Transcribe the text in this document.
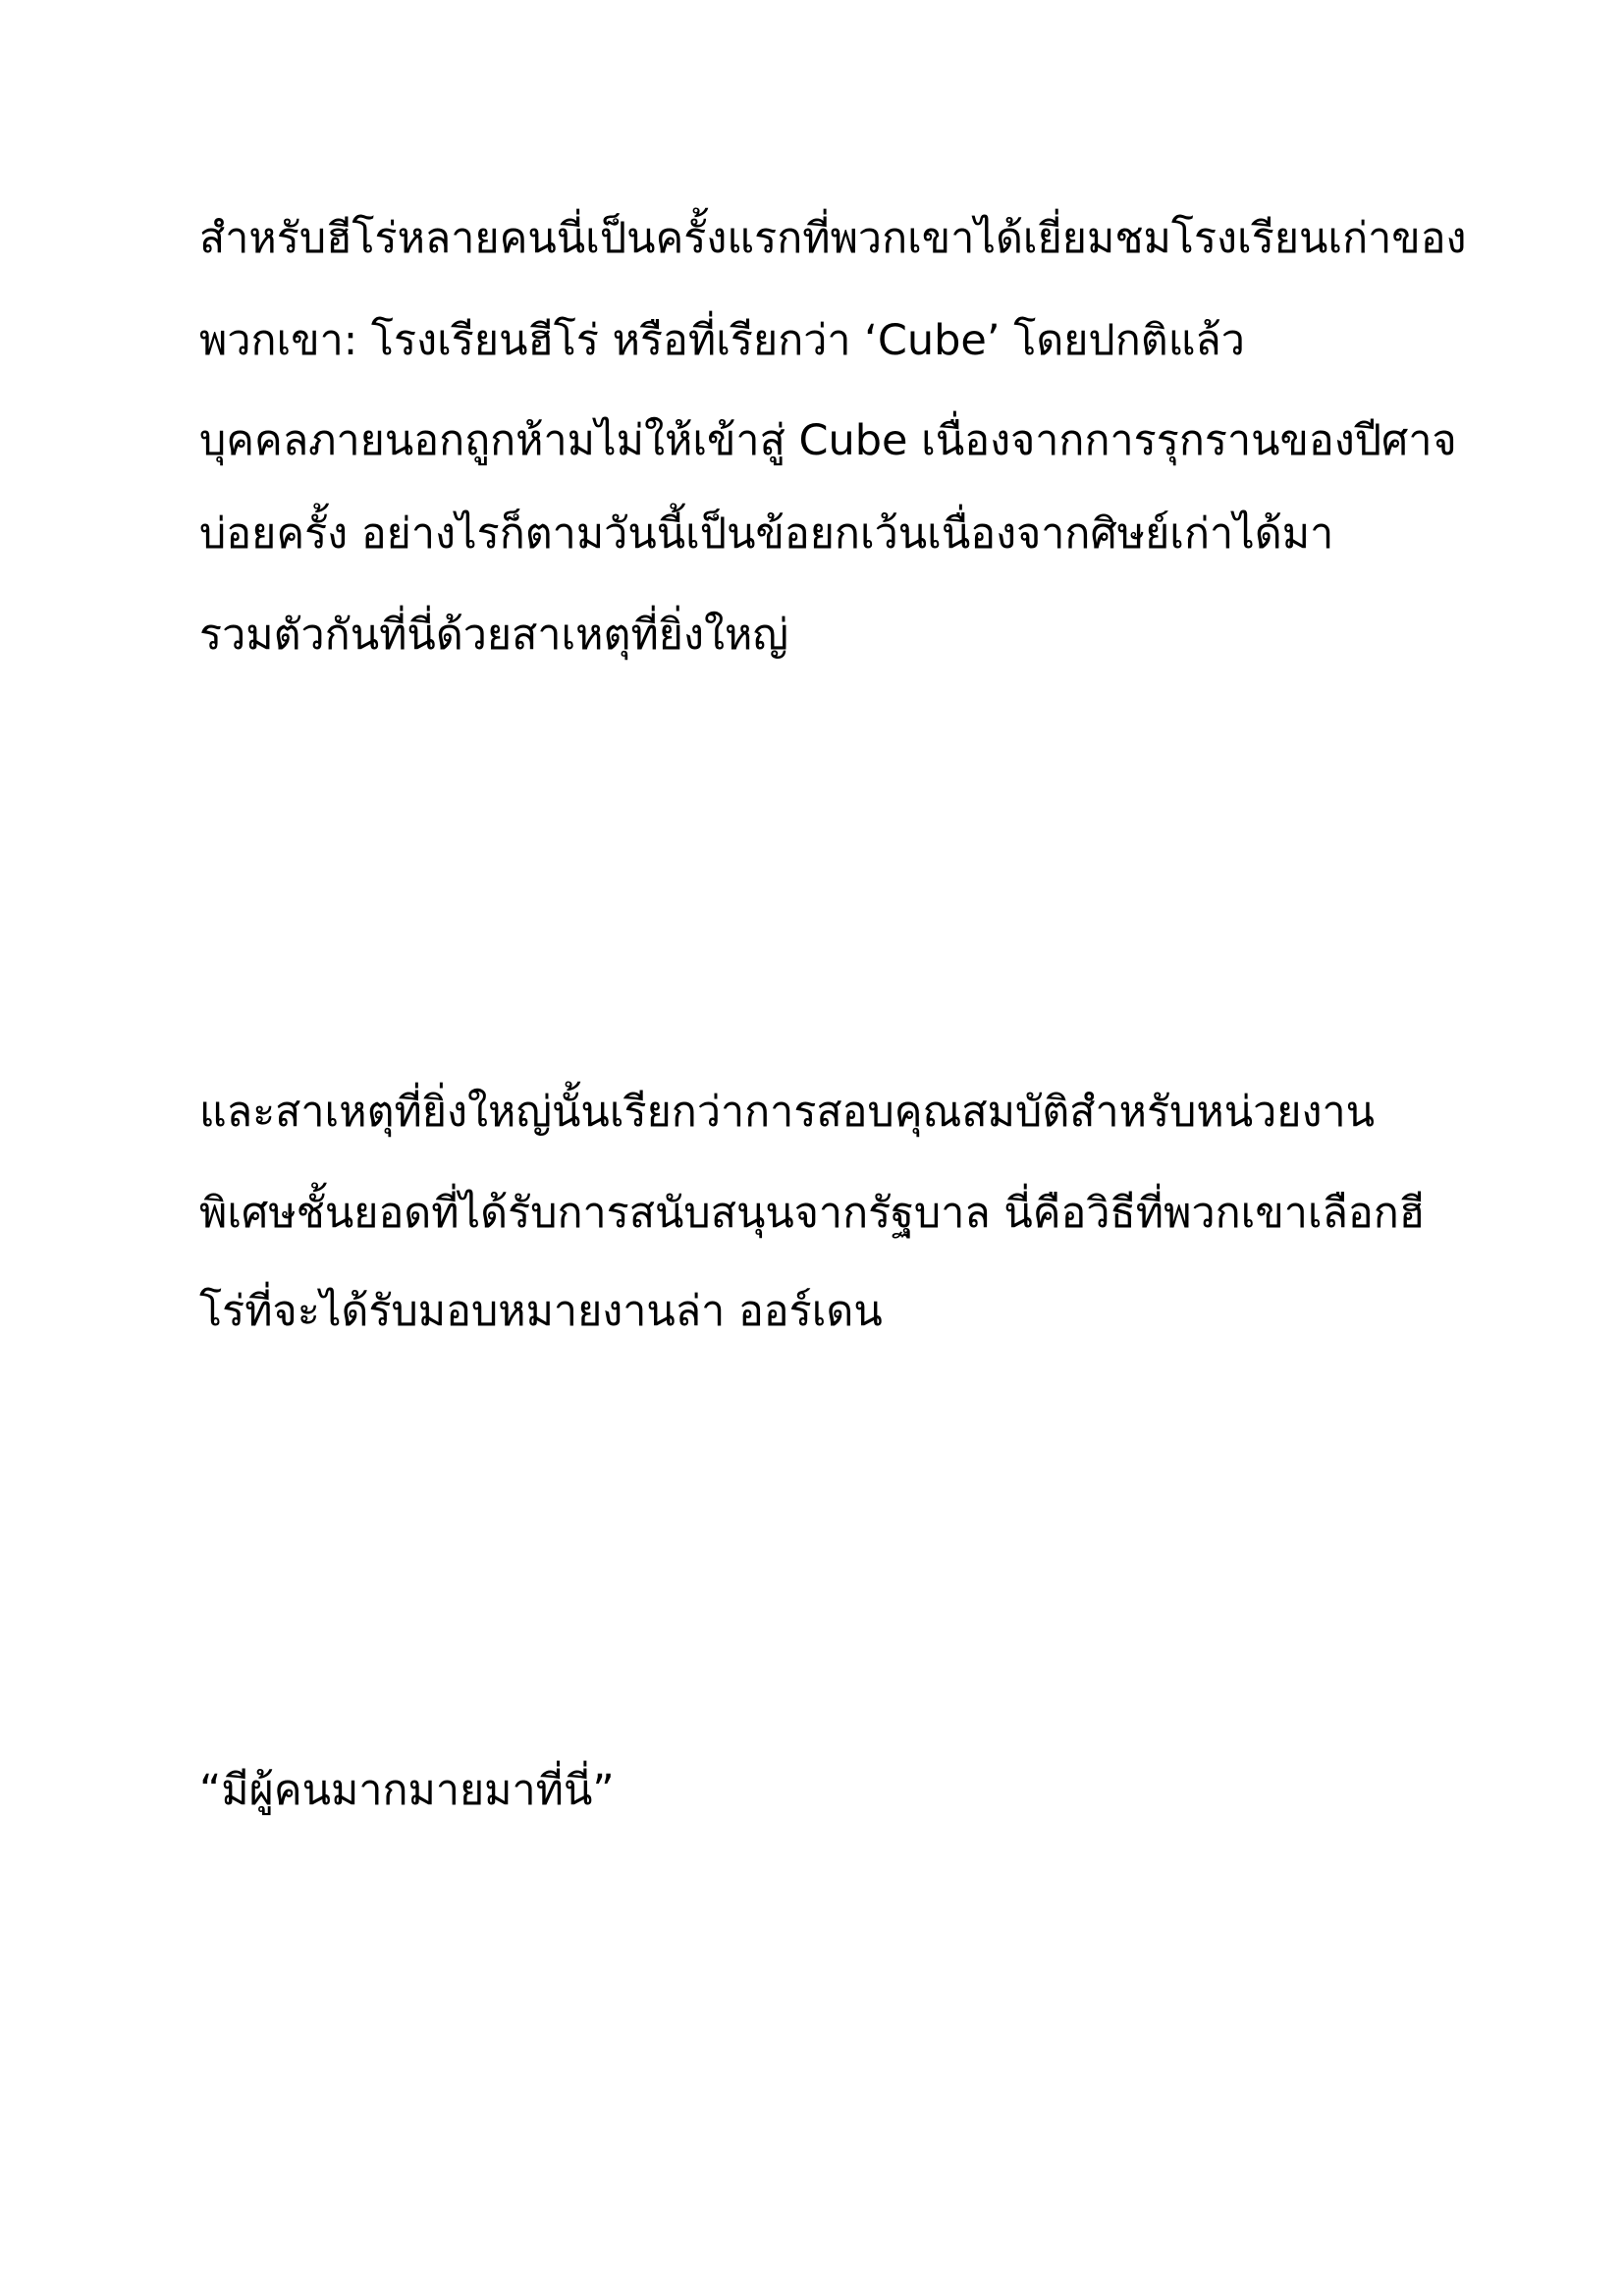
สำหรับฮีโร่หลายคนนี่เป็นครั้งแรกที่พวกเขาได้เยี่ยมชมโรงเรียนเก่าของ
พวกเขา: โรงเรียนฮีโร่ หรือที่เรียกว่า ‘Cube’ โดยปกติแล้ว
บุคคลภายนอกถูกห้ามไม่ให้เข้าสู่ Cube เนื่องจากการรุกรานของปีศาจ
บ่อยครั้ง อย่างไรก็ตามวันนี้เป็นข้อยกเว้นเนื่องจากศิษย์เก่าได้มา
รวมตัวกันที่นี่ด้วยสาเหตุที่ยิ่งใหญ่
และสาเหตุที่ยิ่งใหญ่นั้นเรียกว่าการสอบคุณสมบัติสำหรับหน่วยงาน
พิเศษชั้นยอดที่ได้รับการสนับสนุนจากรัฐบาล นี่คือวิธีที่พวกเขาเลือกฮี
โร่ที่จะได้รับมอบหมายงานล่า ออร์เดน
“มีผู้คนมากมายมาที่นี่”
